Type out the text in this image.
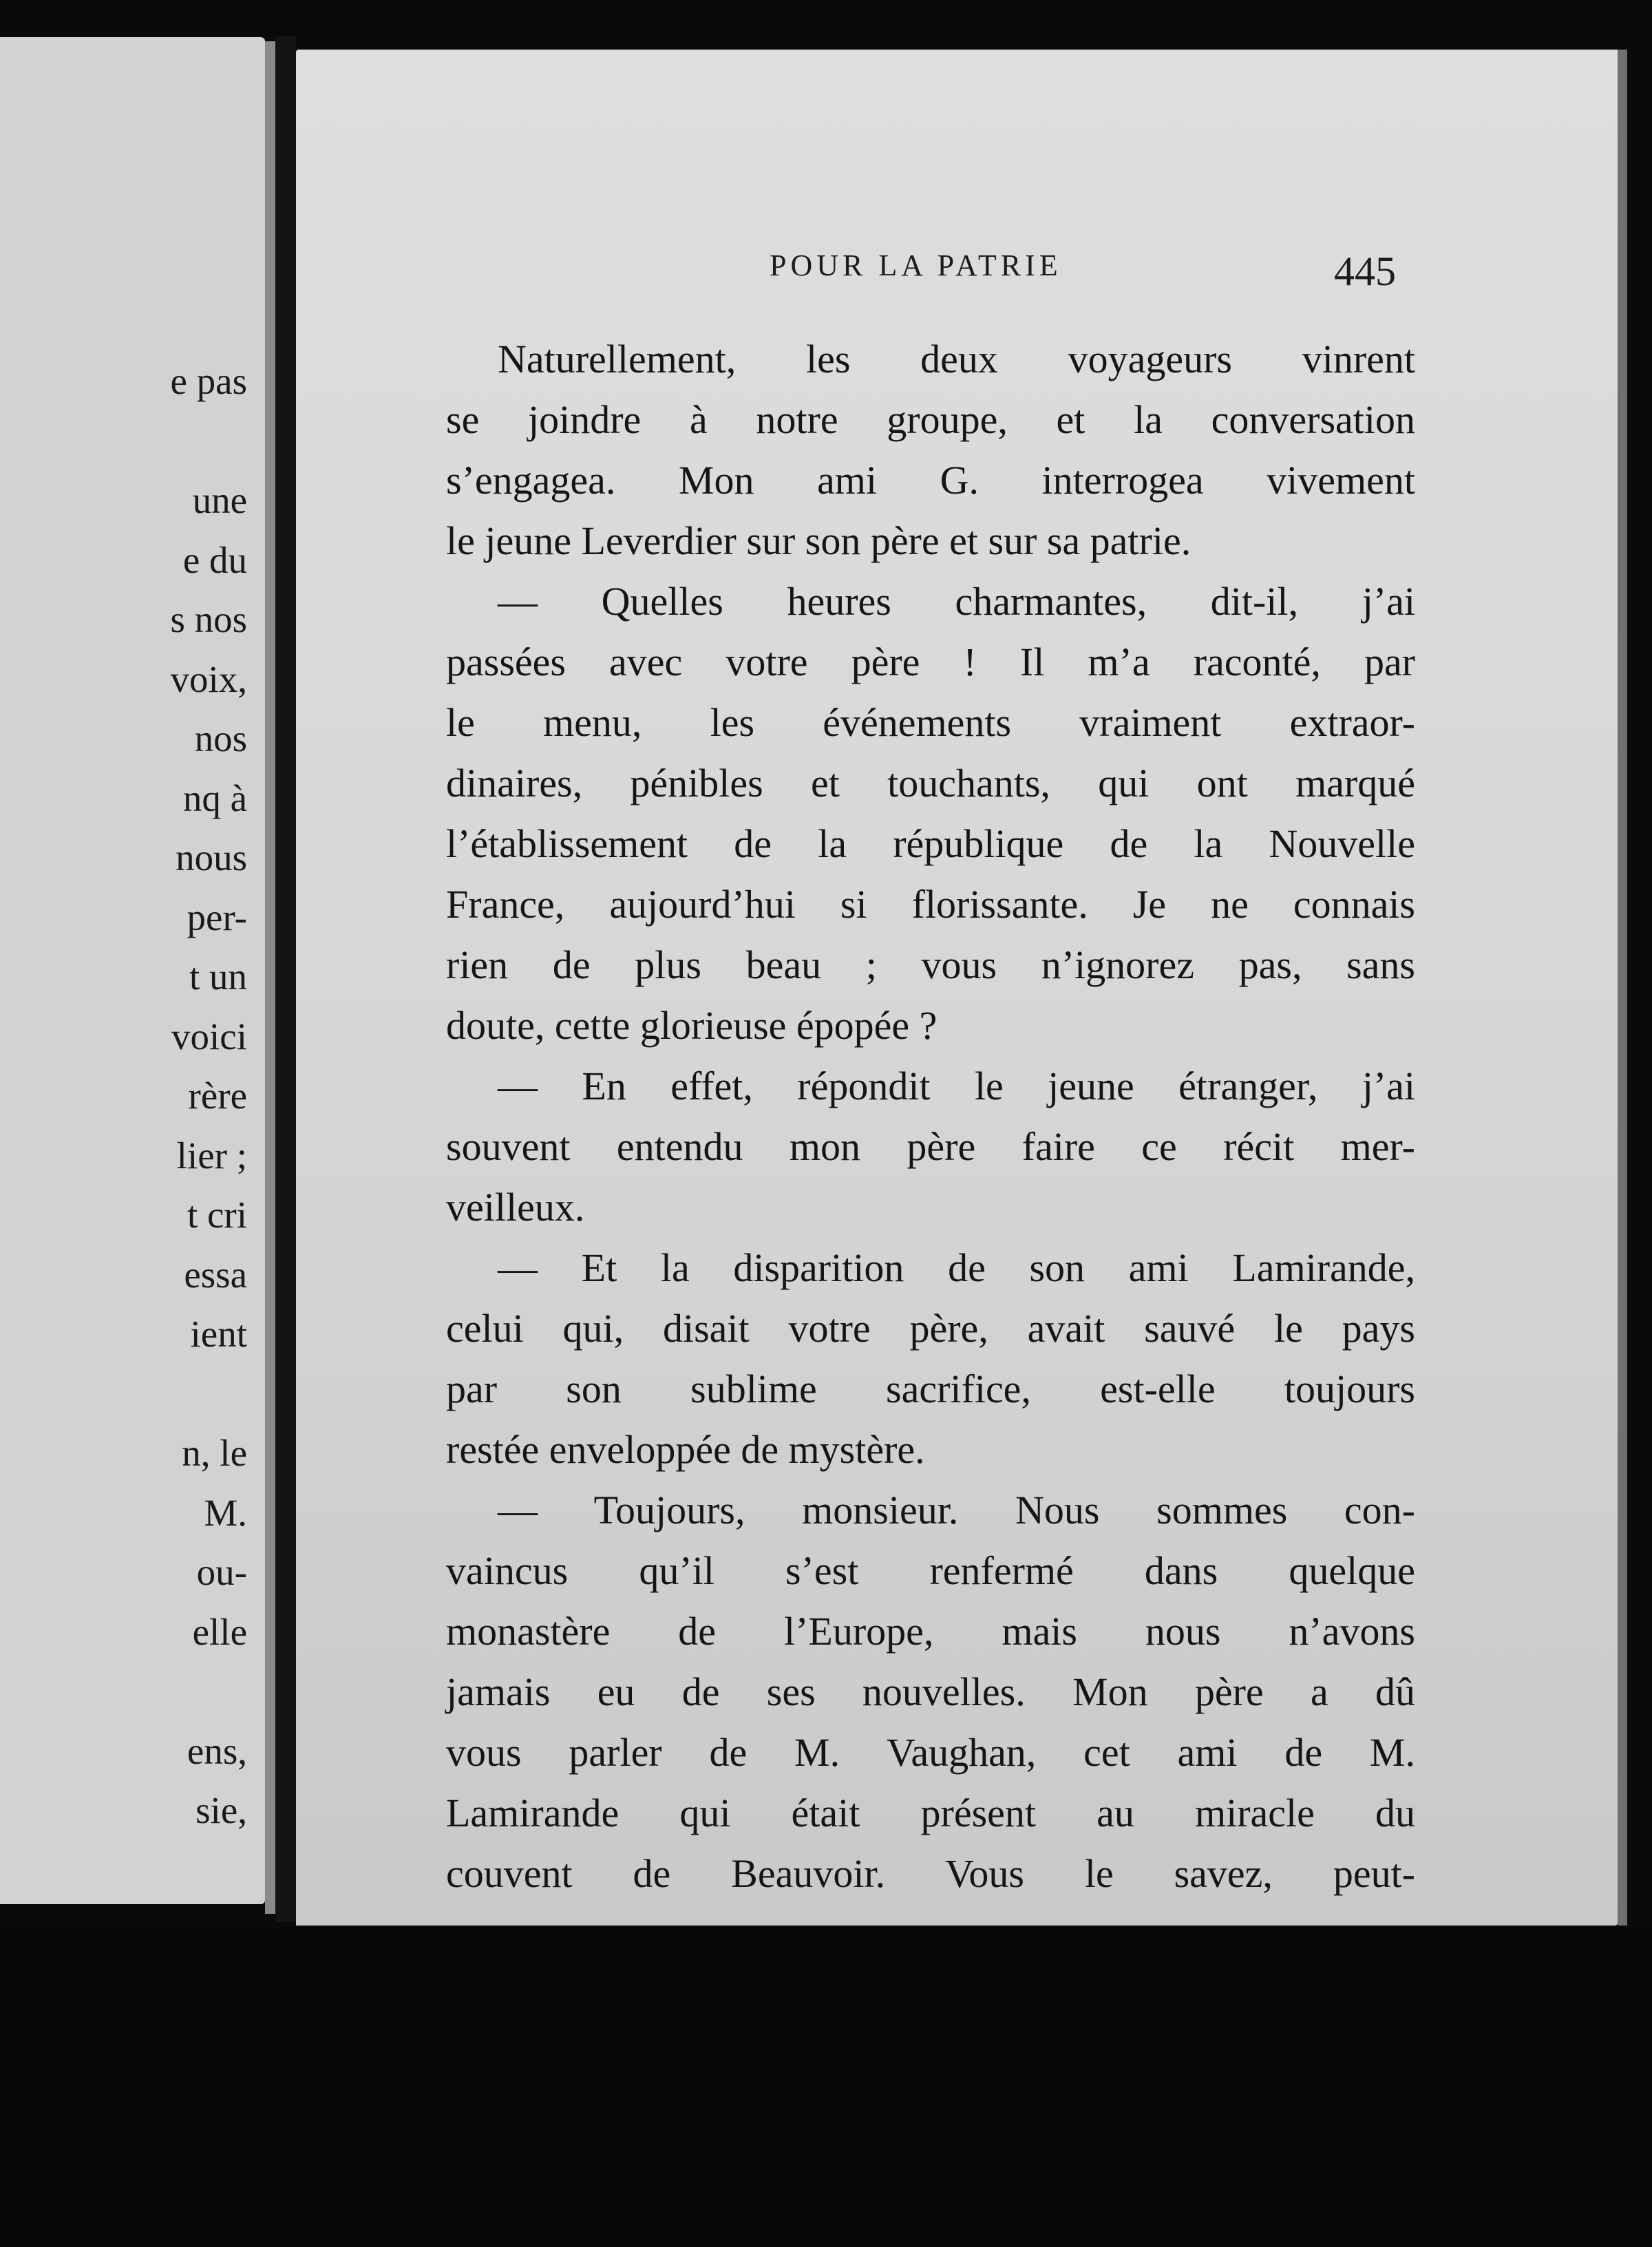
e pas
une
e du
s nos
voix,
nos
nq à
nous
per-
t un
voici
rère
lier ;
t cri
essa
ient
n, le
M.
ou-
elle
ens,
sie,
POUR LA PATRIE	445
Naturellement, les deux voyageurs vinrent
se joindre à notre groupe, et la conversation
s’engagea. Mon ami G. interrogea vivement
le jeune Leverdier sur son père et sur sa patrie.
— Quelles heures charmantes, dit-il, j’ai
passées avec votre père ! Il m’a raconté, par
le menu, les événements vraiment extraor-
dinaires, pénibles et touchants, qui ont marqué
l’établissement de la république de la Nouvelle
France, aujourd’hui si florissante. Je ne connais
rien de plus beau ; vous n’ignorez pas, sans
doute, cette glorieuse épopée ?
— En effet, répondit le jeune étranger, j’ai
souvent entendu mon père faire ce récit mer-
veilleux.
— Et la disparition de son ami Lamirande,
celui qui, disait votre père, avait sauvé le pays
par son sublime sacrifice, est-elle toujours
restée enveloppée de mystère.
— Toujours, monsieur. Nous sommes con-
vaincus qu’il s’est renfermé dans quelque
monastère de l’Europe, mais nous n’avons
jamais eu de ses nouvelles. Mon père a dû
vous parler de M. Vaughan, cet ami de M.
Lamirande qui était présent au miracle du
couvent de Beauvoir. Vous le savez, peut-
